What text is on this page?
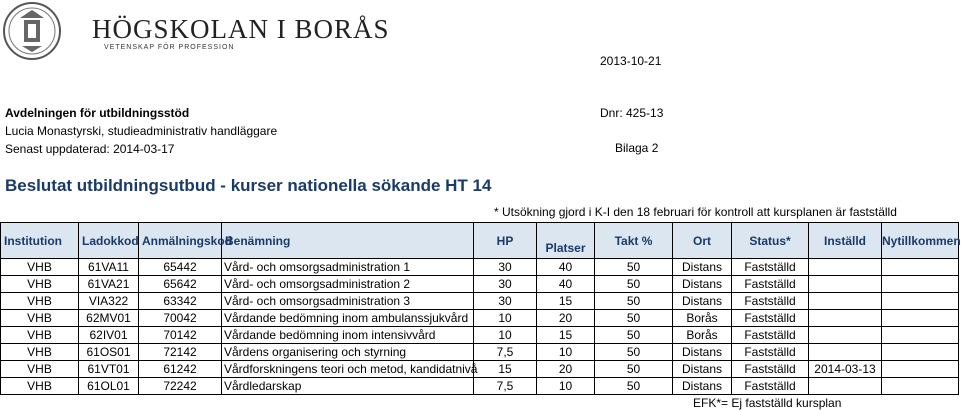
HÖGSKOLAN I BORÅS
VETENSKAP FÖR PROFESSION
2013-10-21
Avdelningen för utbildningsstöd	Dnr: 425-13
Lucia Monastyrski, studieadministrativ handläggare
Senast uppdaterad: 2014-03-17	Bilaga 2
Beslutat utbildningsutbud - kurser nationella sökande HT 14
* Utsökning gjord i K-I den 18 februari för kontroll att kursplanen är fastställd
Institution	Ladokkod	Anmälningskod	Benämning	HP	Platser	Takt %	Ort	Status*	Inställd	Nytillkommen
VHB	61VA11	65442	Vård- och omsorgsadministration 1	30	40	50	Distans	Fastställd		
VHB	61VA21	65642	Vård- och omsorgsadministration 2	30	40	50	Distans	Fastställd		
VHB	VIA322	63342	Vård- och omsorgsadministration 3	30	15	50	Distans	Fastställd		
VHB	62MV01	70042	Vårdande bedömning inom ambulanssjukvård	10	20	50	Borås	Fastställd		
VHB	62IV01	70142	Vårdande bedömning inom intensivvård	10	15	50	Borås	Fastställd		
VHB	61OS01	72142	Vårdens organisering och styrning	7,5	10	50	Distans	Fastställd		
VHB	61VT01	61242	Vårdforskningens teori och metod, kandidatnivå	15	20	50	Distans	Fastställd	2014-03-13	
VHB	61OL01	72242	Vårdledarskap	7,5	10	50	Distans	Fastställd		
EFK*= Ej fastställd kursplan
